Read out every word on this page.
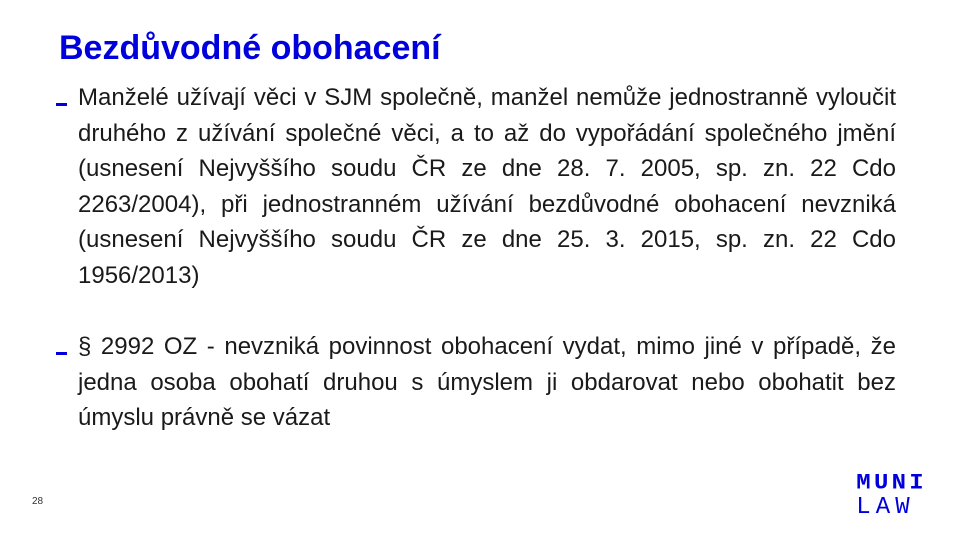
Bezdůvodné obohacení
Manželé užívají věci v SJM společně, manžel nemůže jednostranně vyloučit druhého z užívání společné věci, a to až do vypořádání společného jmění (usnesení Nejvyššího soudu ČR ze dne 28. 7. 2005, sp. zn. 22 Cdo 2263/2004), při jednostranném užívání bezdůvodné obohacení nevzniká (usnesení Nejvyššího soudu ČR ze dne 25. 3. 2015, sp. zn. 22 Cdo 1956/2013)
§ 2992 OZ - nevzniká povinnost obohacení vydat, mimo jiné v případě, že jedna osoba obohatí druhou s úmyslem ji obdarovat nebo obohatit bez úmyslu právně se vázat
28
M U N I
L A W
